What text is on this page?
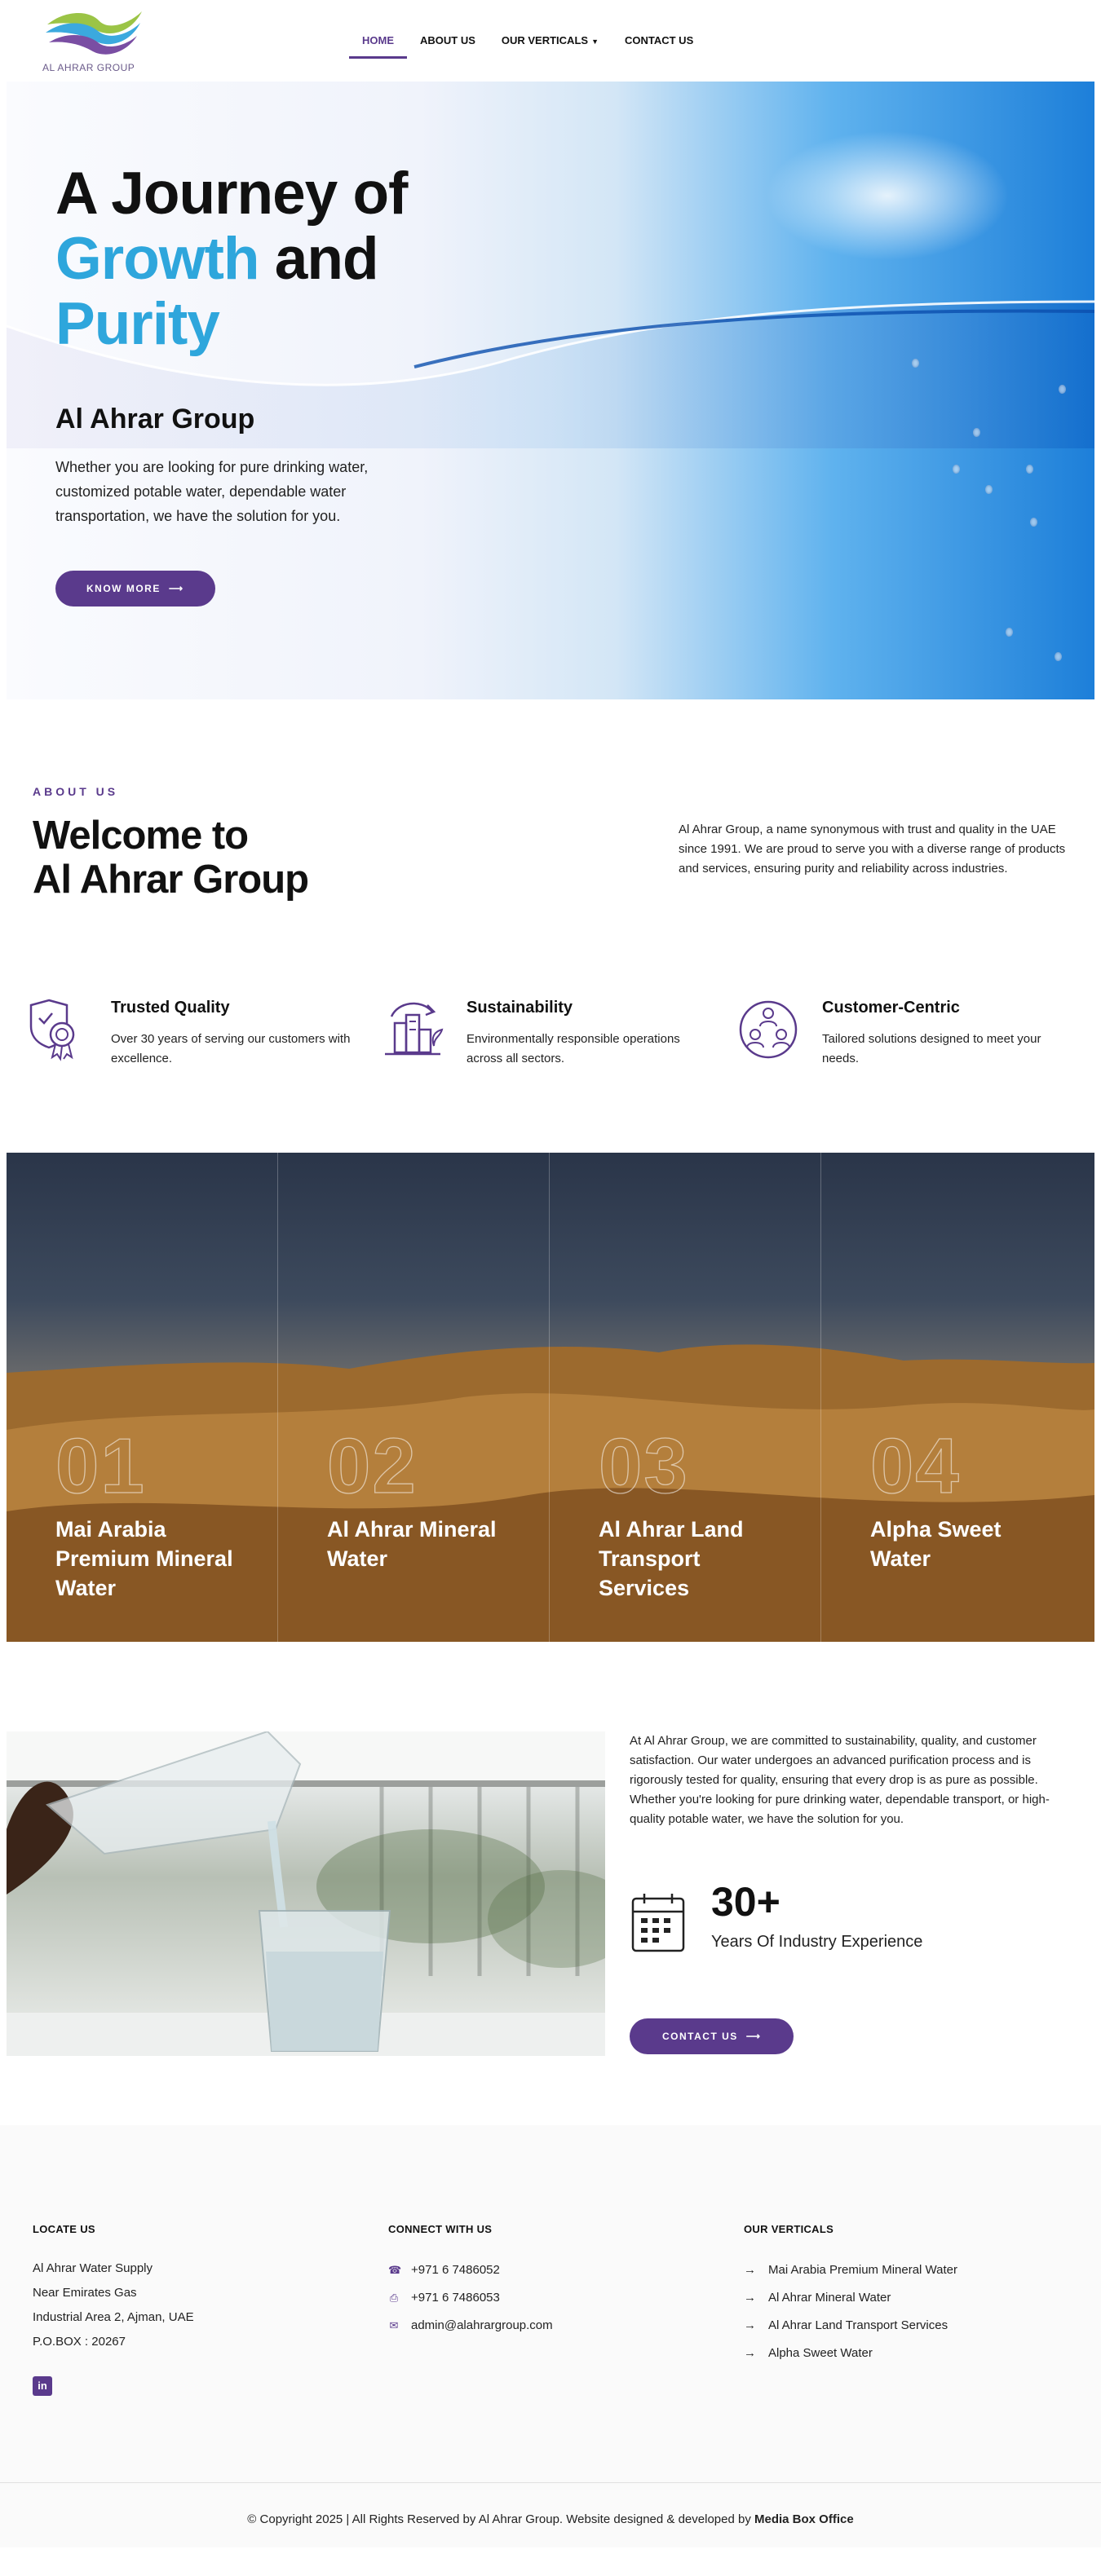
AL AHRAR GROUP
HOME	ABOUT US	OUR VERTICALS ▼	CONTACT US
A Journey of
Growth and
Purity
Al Ahrar Group

Whether you are looking for pure drinking water, customized potable water, dependable water transportation, we have the solution for you.

KNOW MORE ⟶
ABOUT US
Welcome to
Al Ahrar Group

Al Ahrar Group, a name synonymous with trust and quality in the UAE since 1991. We are proud to serve you with a diverse range of products and services, ensuring purity and reliability across industries.

Trusted Quality
Over 30 years of serving our customers with excellence.
Sustainability
Environmentally responsible operations across all sectors.
Customer-Centric
Tailored solutions designed to meet your needs.
01
Mai Arabia Premium Mineral Water
02
Al Ahrar Mineral Water
03
Al Ahrar Land Transport Services
04
Alpha Sweet Water

At Al Ahrar Group, we are committed to sustainability, quality, and customer satisfaction. Our water undergoes an advanced purification process and is rigorously tested for quality, ensuring that every drop is as pure as possible. Whether you're looking for pure drinking water, dependable transport, or high-quality potable water, we have the solution for you.

30+
Years Of Industry Experience
CONTACT US ⟶
LOCATE US
Al Ahrar Water Supply
Near Emirates Gas
Industrial Area 2, Ajman, UAE
P.O.BOX : 20267
in
CONNECT WITH US
☎ +971 6 7486052
⎙ +971 6 7486053
✉ admin@alahrargroup.com
OUR VERTICALS
→ Mai Arabia Premium Mineral Water
→ Al Ahrar Mineral Water
→ Al Ahrar Land Transport Services
→ Alpha Sweet Water
© Copyright 2025 | All Rights Reserved by Al Ahrar Group. Website designed & developed by Media Box Office
